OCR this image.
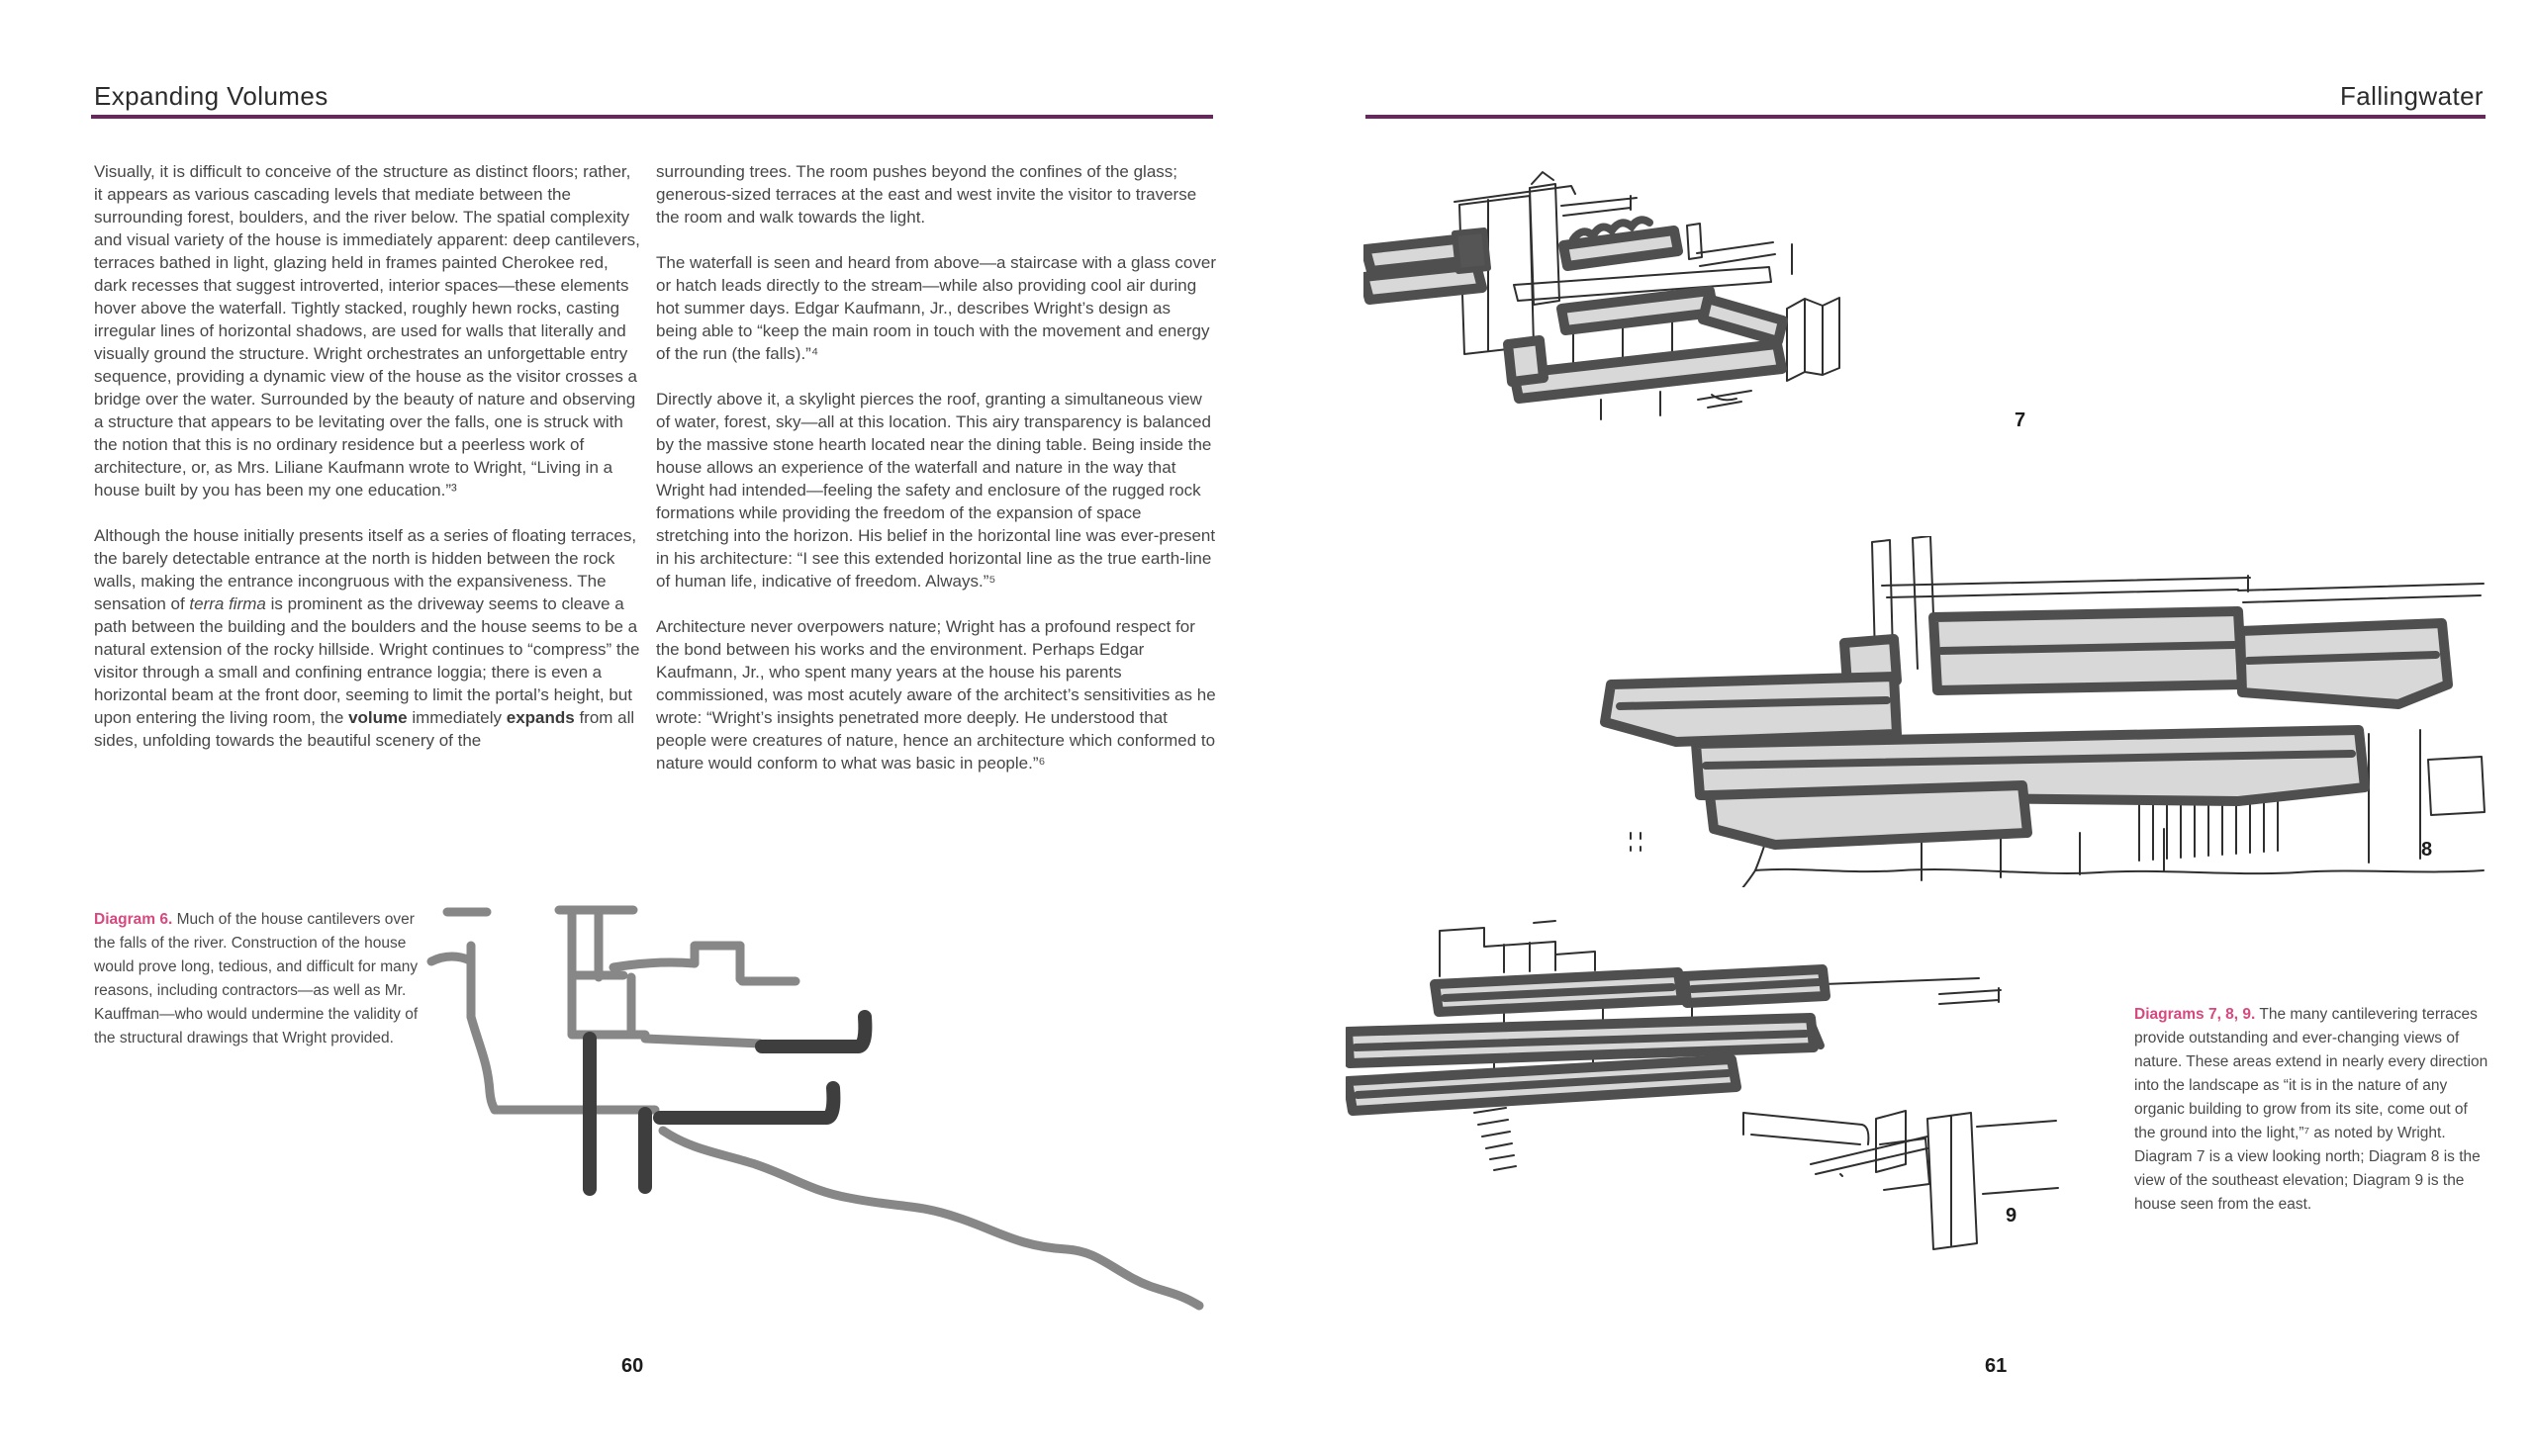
Expanding Volumes

Visually, it is difficult to conceive of the structure as distinct floors; rather, it appears as various cascading levels that mediate between the surrounding forest, boulders, and the river below. The spatial complexity and visual variety of the house is immediately apparent: deep cantilevers, terraces bathed in light, glazing held in frames painted Cherokee red, dark recesses that suggest introverted, interior spaces—these elements hover above the waterfall. Tightly stacked, roughly hewn rocks, casting irregular lines of horizontal shadows, are used for walls that literally and visually ground the structure. Wright orchestrates an unforgettable entry sequence, providing a dynamic view of the house as the visitor crosses a bridge over the water. Surrounded by the beauty of nature and observing a structure that appears to be levitating over the falls, one is struck with the notion that this is no ordinary residence but a peerless work of architecture, or, as Mrs. Liliane Kaufmann wrote to Wright, “Living in a house built by you has been my one education.”³

Although the house initially presents itself as a series of floating terraces, the barely detectable entrance at the north is hidden between the rock walls, making the entrance incongruous with the expansiveness. The sensation of terra firma is prominent as the driveway seems to cleave a path between the building and the boulders and the house seems to be a natural extension of the rocky hillside. Wright continues to “compress” the visitor through a small and confining entrance loggia; there is even a horizontal beam at the front door, seeming to limit the portal’s height, but upon entering the living room, the volume immediately expands from all sides, unfolding towards the beautiful scenery of the

surrounding trees. The room pushes beyond the confines of the glass; generous-sized terraces at the east and west invite the visitor to traverse the room and walk towards the light.

The waterfall is seen and heard from above—a staircase with a glass cover or hatch leads directly to the stream—while also providing cool air during hot summer days. Edgar Kaufmann, Jr., describes Wright’s design as being able to “keep the main room in touch with the movement and energy of the run (the falls).”⁴

Directly above it, a skylight pierces the roof, granting a simultaneous view of water, forest, sky—all at this location. This airy transparency is balanced by the massive stone hearth located near the dining table. Being inside the house allows an experience of the waterfall and nature in the way that Wright had intended—feeling the safety and enclosure of the rugged rock formations while providing the freedom of the expansion of space stretching into the horizon. His belief in the horizontal line was ever-present in his architecture: “I see this extended horizontal line as the true earth-line of human life, indicative of freedom. Always.”⁵

Architecture never overpowers nature; Wright has a profound respect for the bond between his works and the environment. Perhaps Edgar Kaufmann, Jr., who spent many years at the house his parents commissioned, was most acutely aware of the architect’s sensitivities as he wrote: “Wright’s insights penetrated more deeply. He understood that people were creatures of nature, hence an architecture which conformed to nature would conform to what was basic in people.”⁶

Diagram 6. Much of the house cantilevers over the falls of the river. Construction of the house would prove long, tedious, and difficult for many reasons, including contractors—as well as Mr. Kauffman—who would undermine the validity of the structural drawings that Wright provided.
60
Fallingwater
7
8
9
Diagrams 7, 8, 9. The many cantilevering terraces provide outstanding and ever-changing views of nature. These areas extend in nearly every direction into the landscape as “it is in the nature of any organic building to grow from its site, come out of the ground into the light,”⁷ as noted by Wright. Diagram 7 is a view looking north; Diagram 8 is the view of the southeast elevation; Diagram 9 is the house seen from the east.
61
